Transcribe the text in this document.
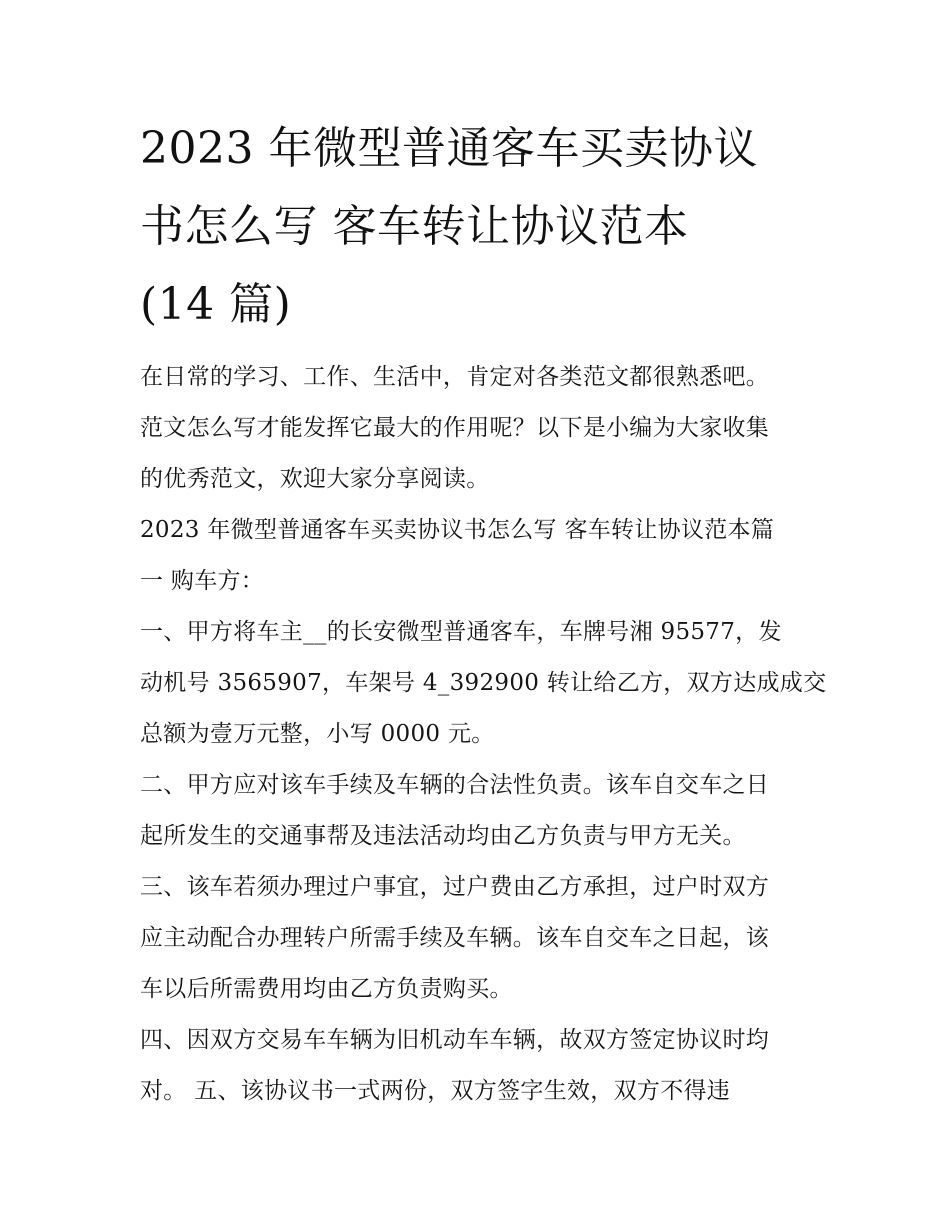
2023 年微型普通客车买卖协议
书怎么写 客车转让协议范本
(14 篇)

在日常的学习、工作、生活中，肯定对各类范文都很熟悉吧。
范文怎么写才能发挥它最大的作用呢？以下是小编为大家收集
的优秀范文，欢迎大家分享阅读。

2023 年微型普通客车买卖协议书怎么写 客车转让协议范本篇
一 购车方：

一、甲方将车主__的长安微型普通客车，车牌号湘 95577，发
动机号 3565907，车架号 4_392900 转让给乙方，双方达成成交
总额为壹万元整，小写 0000 元。

二、甲方应对该车手续及车辆的合法性负责。该车自交车之日
起所发生的交通事帮及违法活动均由乙方负责与甲方无关。

三、该车若须办理过户事宜，过户费由乙方承担，过户时双方
应主动配合办理转户所需手续及车辆。该车自交车之日起，该
车以后所需费用均由乙方负责购买。

四、因双方交易车车辆为旧机动车车辆，故双方签定协议时均
对。 五、该协议书一式两份，双方签字生效，双方不得违
